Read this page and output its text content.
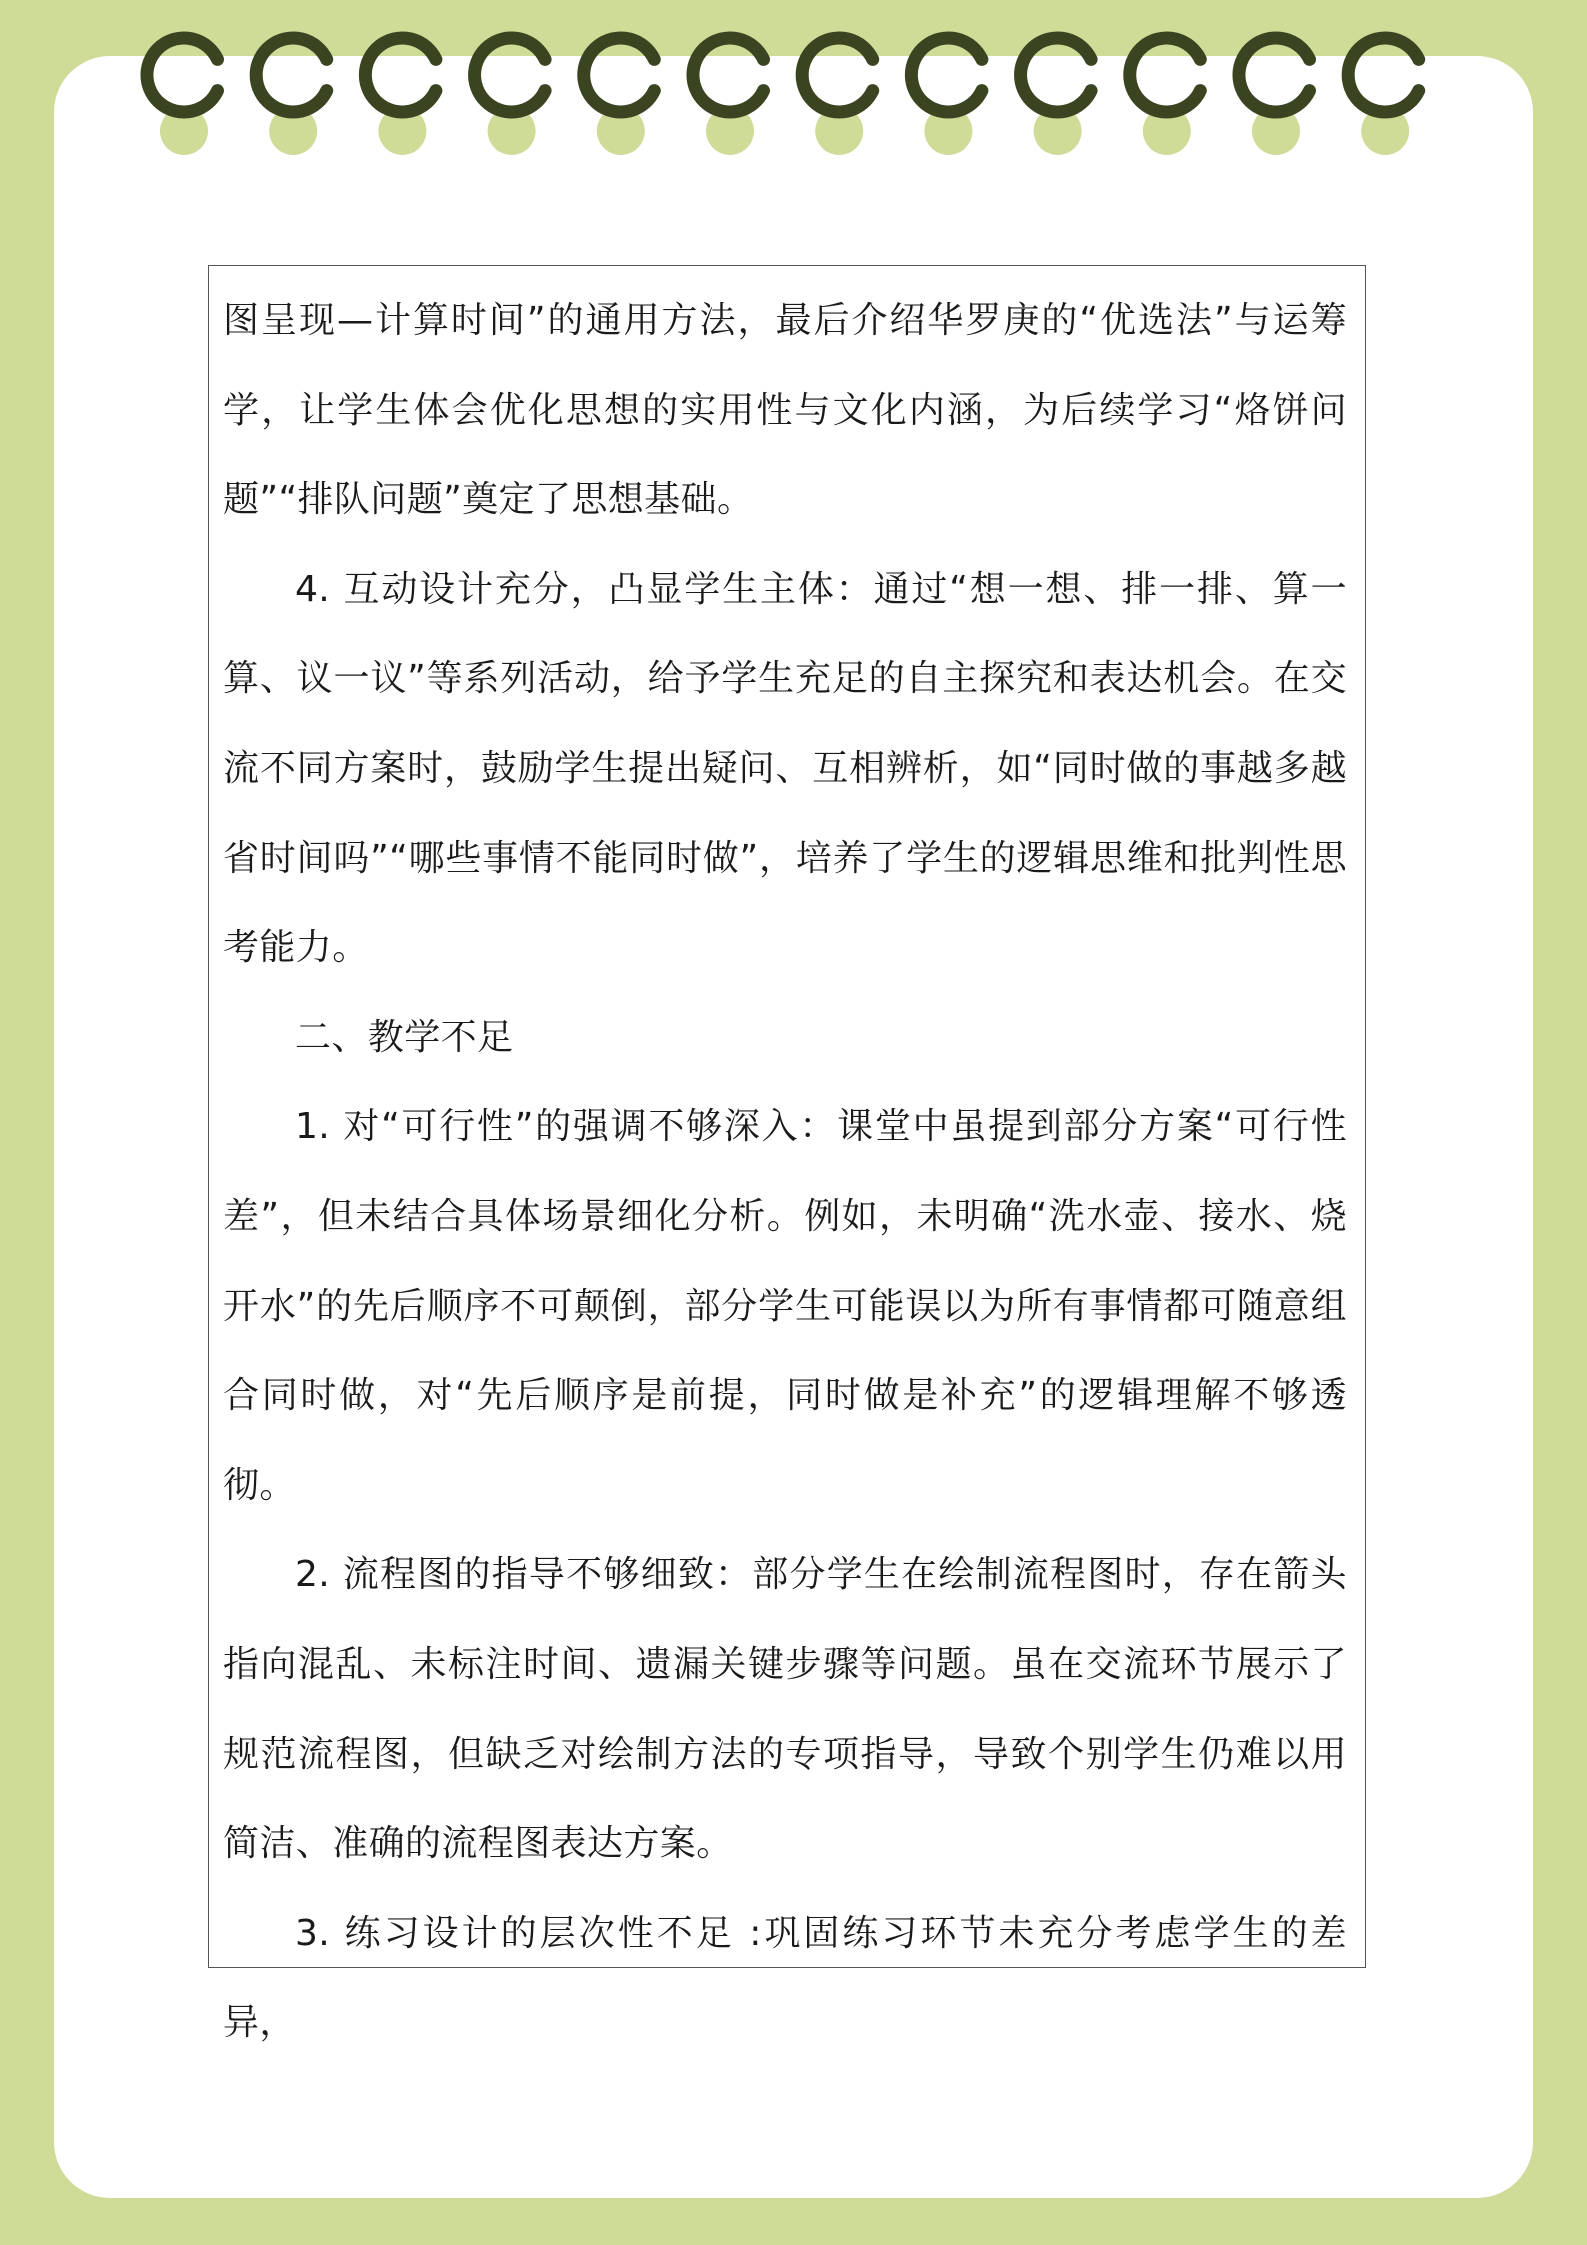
图呈现—计算时间”的通用方法，最后介绍华罗庚的“优选法”与运筹学，让学生体会优化思想的实用性与文化内涵，为后续学习“烙饼问题”“排队问题”奠定了思想基础。

4. 互动设计充分，凸显学生主体：通过“想一想、排一排、算一算、议一议”等系列活动，给予学生充足的自主探究和表达机会。在交流不同方案时，鼓励学生提出疑问、互相辨析，如“同时做的事越多越省时间吗”“哪些事情不能同时做”，培养了学生的逻辑思维和批判性思考能力。

二、教学不足

1. 对“可行性”的强调不够深入：课堂中虽提到部分方案“可行性差”，但未结合具体场景细化分析。例如，未明确“洗水壶、接水、烧开水”的先后顺序不可颠倒，部分学生可能误以为所有事情都可随意组合同时做，对“先后顺序是前提，同时做是补充”的逻辑理解不够透彻。

2. 流程图的指导不够细致：部分学生在绘制流程图时，存在箭头指向混乱、未标注时间、遗漏关键步骤等问题。虽在交流环节展示了规范流程图，但缺乏对绘制方法的专项指导，导致个别学生仍难以用简洁、准确的流程图表达方案。

3. 练习设计的层次性不足 :巩固练习环节未充分考虑学生的差异，
